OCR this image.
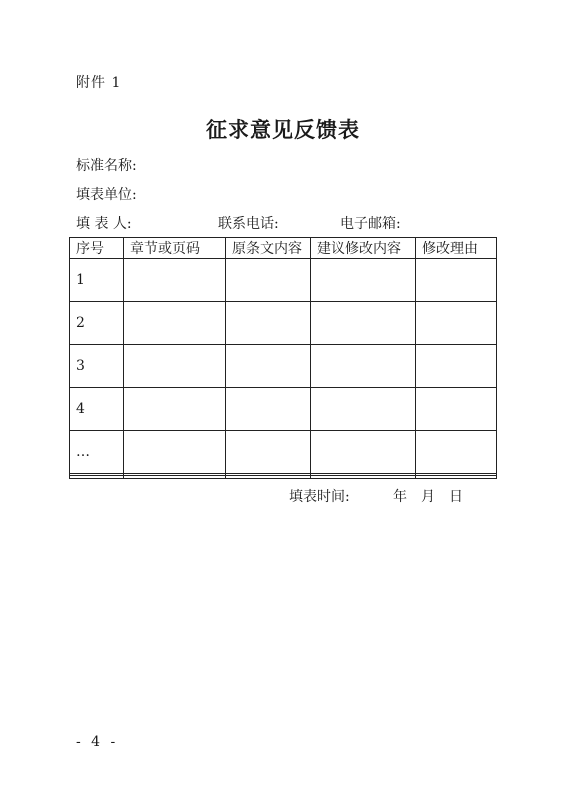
附件 1
征求意见反馈表
标准名称:
填表单位:
填 表 人:	联系电话:	电子邮箱:
序号	章节或页码	原条文内容	建议修改内容	修改理由
1				
2				
3				
4				
…				

填表时间:	年 月 日
- 4 -
